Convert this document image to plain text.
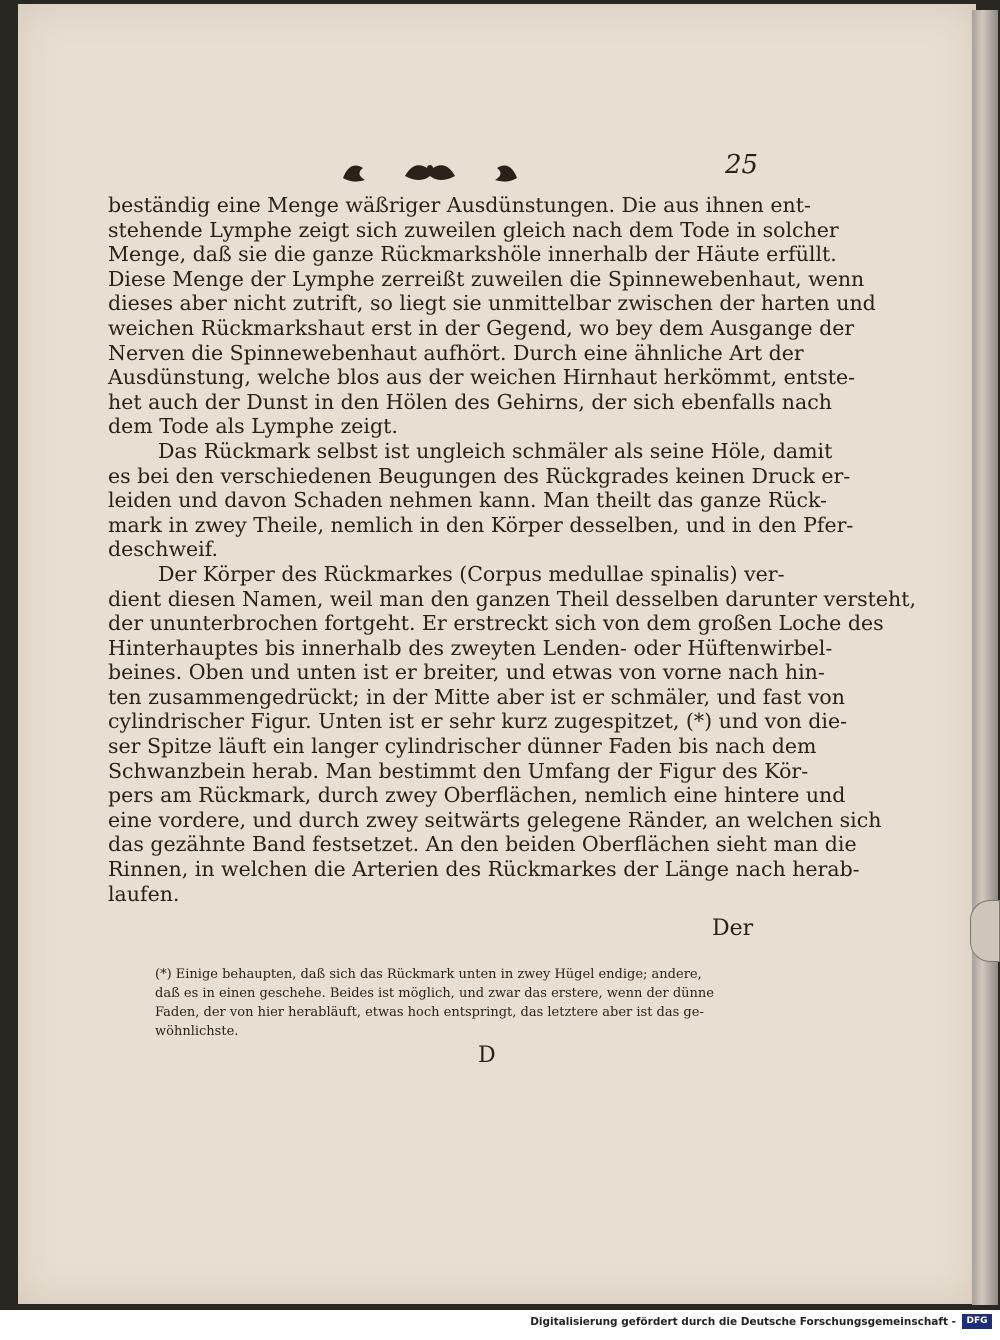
25
beständig eine Menge wäßriger Ausdünstungen. Die aus ihnen ent-
stehende Lymphe zeigt sich zuweilen gleich nach dem Tode in solcher
Menge, daß sie die ganze Rückmarkshöle innerhalb der Häute erfüllt.
Diese Menge der Lymphe zerreißt zuweilen die Spinnewebenhaut, wenn
dieses aber nicht zutrift, so liegt sie unmittelbar zwischen der harten und
weichen Rückmarkshaut erst in der Gegend, wo bey dem Ausgange der
Nerven die Spinnewebenhaut aufhört. Durch eine ähnliche Art der
Ausdünstung, welche blos aus der weichen Hirnhaut herkömmt, entste-
het auch der Dunst in den Hölen des Gehirns, der sich ebenfalls nach
dem Tode als Lymphe zeigt.
Das Rückmark selbst ist ungleich schmäler als seine Höle, damit
es bei den verschiedenen Beugungen des Rückgrades keinen Druck er-
leiden und davon Schaden nehmen kann. Man theilt das ganze Rück-
mark in zwey Theile, nemlich in den Körper desselben, und in den Pfer-
deschweif.
Der Körper des Rückmarkes (Corpus medullae spinalis) ver-
dient diesen Namen, weil man den ganzen Theil desselben darunter versteht,
der ununterbrochen fortgeht. Er erstreckt sich von dem großen Loche des
Hinterhauptes bis innerhalb des zweyten Lenden- oder Hüftenwirbel-
beines. Oben und unten ist er breiter, und etwas von vorne nach hin-
ten zusammengedrückt; in der Mitte aber ist er schmäler, und fast von
cylindrischer Figur. Unten ist er sehr kurz zugespitzet, (*) und von die-
ser Spitze läuft ein langer cylindrischer dünner Faden bis nach dem
Schwanzbein herab. Man bestimmt den Umfang der Figur des Kör-
pers am Rückmark, durch zwey Oberflächen, nemlich eine hintere und
eine vordere, und durch zwey seitwärts gelegene Ränder, an welchen sich
das gezähnte Band festsetzet. An den beiden Oberflächen sieht man die
Rinnen, in welchen die Arterien des Rückmarkes der Länge nach herab-
laufen.
Der
(*) Einige behaupten, daß sich das Rückmark unten in zwey Hügel endige; andere,
daß es in einen geschehe. Beides ist möglich, und zwar das erstere, wenn der dünne
Faden, der von hier herabläuft, etwas hoch entspringt, das letztere aber ist das ge-
wöhnlichste.
D
Digitalisierung gefördert durch die Deutsche Forschungsgemeinschaft -	DFG
